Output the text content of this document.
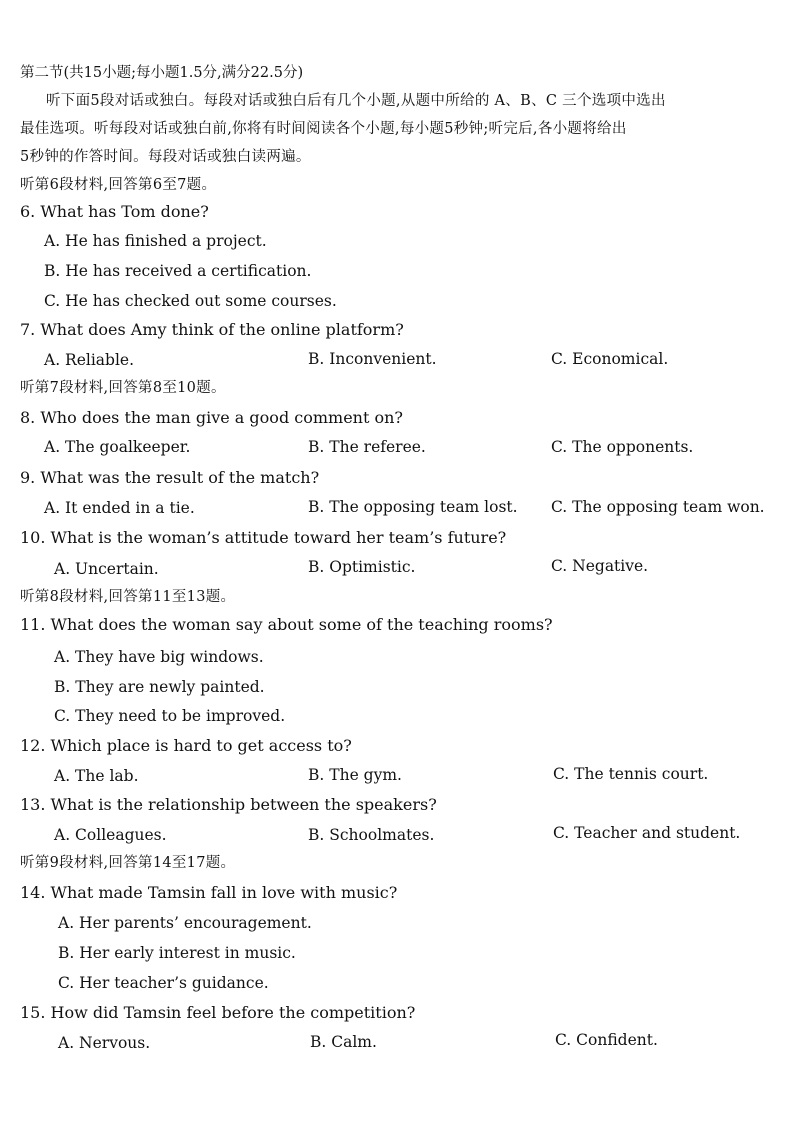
第二节(共15小题;每小题1.5分,满分22.5分)
听下面5段对话或独白。每段对话或独白后有几个小题,从题中所给的 A、B、C 三个选项中选出
最佳选项。听每段对话或独白前,你将有时间阅读各个小题,每小题5秒钟;听完后,各小题将给出
5秒钟的作答时间。每段对话或独白读两遍。
听第6段材料,回答第6至7题。
6. What has Tom done?
A. He has finished a project.
B. He has received a certification.
C. He has checked out some courses.
7. What does Amy think of the online platform?
A. Reliable.	B. Inconvenient.	C. Economical.
听第7段材料,回答第8至10题。
8. Who does the man give a good comment on?
A. The goalkeeper.	B. The referee.	C. The opponents.
9. What was the result of the match?
A. It ended in a tie.	B. The opposing team lost. C. The opposing team won.
10. What is the woman’s attitude toward her team’s future?
A. Uncertain.	B. Optimistic.	C. Negative.
听第8段材料,回答第11至13题。
11. What does the woman say about some of the teaching rooms?
A. They have big windows.
B. They are newly painted.
C. They need to be improved.
12. Which place is hard to get access to?
A. The lab.	B. The gym.	C. The tennis court.
13. What is the relationship between the speakers?
A. Colleagues.	B. Schoolmates.	C. Teacher and student.
听第9段材料,回答第14至17题。
14. What made Tamsin fall in love with music?
A. Her parents’ encouragement.
B. Her early interest in music.
C. Her teacher’s guidance.
15. How did Tamsin feel before the competition?
A. Nervous.	B. Calm.	C. Confident.
